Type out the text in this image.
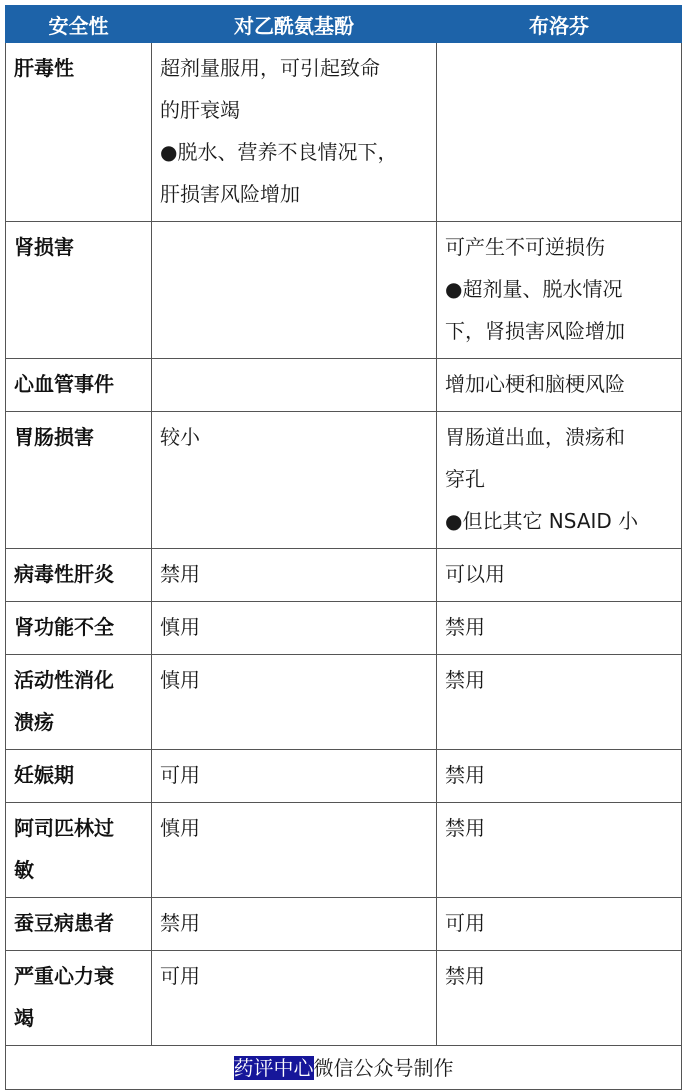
安全性	对乙酰氨基酚	布洛芬

肝毒性	超剂量服用，可引起致命
的肝衰竭
●脱水、营养不良情况下，
肝损害风险增加	

肾损害		可产生不可逆损伤
●超剂量、脱水情况
下，肾损害风险增加

心血管事件		增加心梗和脑梗风险

胃肠损害	较小	胃肠道出血，溃疡和
穿孔
●但比其它 NSAID 小

病毒性肝炎	禁用	可以用

肾功能不全	慎用	禁用

活动性消化
溃疡	慎用	禁用

妊娠期	可用	禁用

阿司匹林过
敏	慎用	禁用

蚕豆病患者	禁用	可用

严重心力衰
竭	可用	禁用

药评中心微信公众号制作		
